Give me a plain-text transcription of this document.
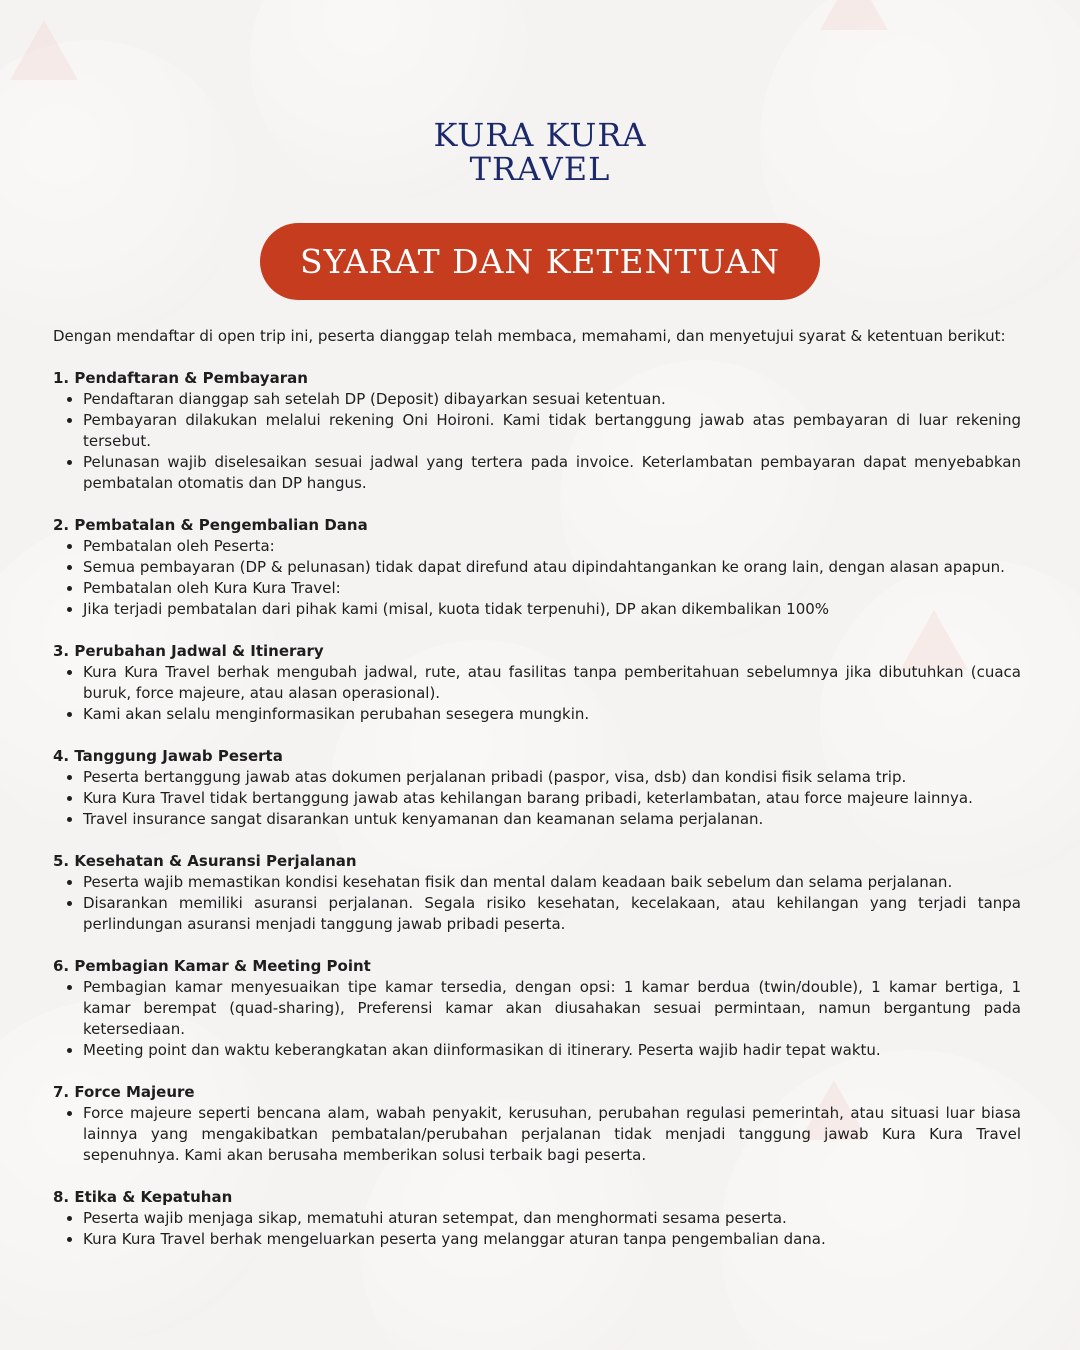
KURA KURA
TRAVEL
SYARAT DAN KETENTUAN

Dengan mendaftar di open trip ini, peserta dianggap telah membaca, memahami, dan menyetujui syarat & ketentuan berikut:

1. Pendaftaran & Pembayaran
• Pendaftaran dianggap sah setelah DP (Deposit) dibayarkan sesuai ketentuan.
• Pembayaran dilakukan melalui rekening Oni Hoironi. Kami tidak bertanggung jawab atas pembayaran di luar rekening tersebut.
• Pelunasan wajib diselesaikan sesuai jadwal yang tertera pada invoice. Keterlambatan pembayaran dapat menyebabkan pembatalan otomatis dan DP hangus.
2. Pembatalan & Pengembalian Dana
• Pembatalan oleh Peserta:
• Semua pembayaran (DP & pelunasan) tidak dapat direfund atau dipindahtangankan ke orang lain, dengan alasan apapun.
• Pembatalan oleh Kura Kura Travel:
• Jika terjadi pembatalan dari pihak kami (misal, kuota tidak terpenuhi), DP akan dikembalikan 100%
3. Perubahan Jadwal & Itinerary
• Kura Kura Travel berhak mengubah jadwal, rute, atau fasilitas tanpa pemberitahuan sebelumnya jika dibutuhkan (cuaca buruk, force majeure, atau alasan operasional).
• Kami akan selalu menginformasikan perubahan sesegera mungkin.
4. Tanggung Jawab Peserta
• Peserta bertanggung jawab atas dokumen perjalanan pribadi (paspor, visa, dsb) dan kondisi fisik selama trip.
• Kura Kura Travel tidak bertanggung jawab atas kehilangan barang pribadi, keterlambatan, atau force majeure lainnya.
• Travel insurance sangat disarankan untuk kenyamanan dan keamanan selama perjalanan.
5. Kesehatan & Asuransi Perjalanan
• Peserta wajib memastikan kondisi kesehatan fisik dan mental dalam keadaan baik sebelum dan selama perjalanan.
• Disarankan memiliki asuransi perjalanan. Segala risiko kesehatan, kecelakaan, atau kehilangan yang terjadi tanpa perlindungan asuransi menjadi tanggung jawab pribadi peserta.
6. Pembagian Kamar & Meeting Point
• Pembagian kamar menyesuaikan tipe kamar tersedia, dengan opsi: 1 kamar berdua (twin/double), 1 kamar bertiga, 1 kamar berempat (quad-sharing), Preferensi kamar akan diusahakan sesuai permintaan, namun bergantung pada ketersediaan.
• Meeting point dan waktu keberangkatan akan diinformasikan di itinerary. Peserta wajib hadir tepat waktu.
7. Force Majeure
• Force majeure seperti bencana alam, wabah penyakit, kerusuhan, perubahan regulasi pemerintah, atau situasi luar biasa lainnya yang mengakibatkan pembatalan/perubahan perjalanan tidak menjadi tanggung jawab Kura Kura Travel sepenuhnya. Kami akan berusaha memberikan solusi terbaik bagi peserta.
8. Etika & Kepatuhan
• Peserta wajib menjaga sikap, mematuhi aturan setempat, dan menghormati sesama peserta.
• Kura Kura Travel berhak mengeluarkan peserta yang melanggar aturan tanpa pengembalian dana.
